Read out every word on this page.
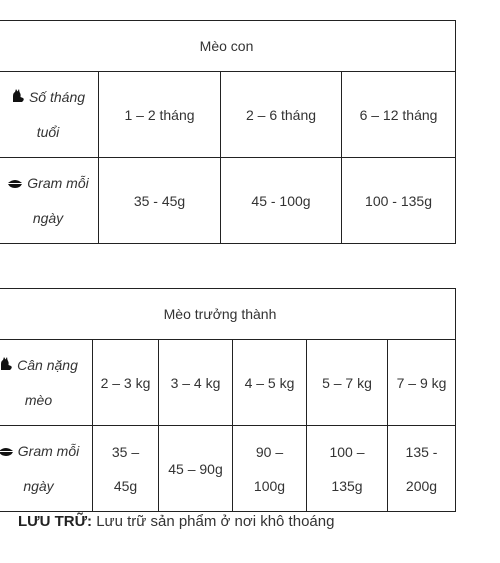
Mèo con			
Số tháng tuổi	1 – 2 tháng	2 – 6 tháng	6 – 12 tháng
Gram mỗi ngày	35 - 45g	45 - 100g	100 - 135g
Mèo trưởng thành					
Cân nặng mèo	2 – 3 kg	3 – 4 kg	4 – 5 kg	5 – 7 kg	7 – 9 kg
Gram mỗi ngày	35 – 45g	45 – 90g	90 – 100g	100 – 135g	135 - 200g
LƯU TRỮ: Lưu trữ sản phẩm ở nơi khô thoáng
